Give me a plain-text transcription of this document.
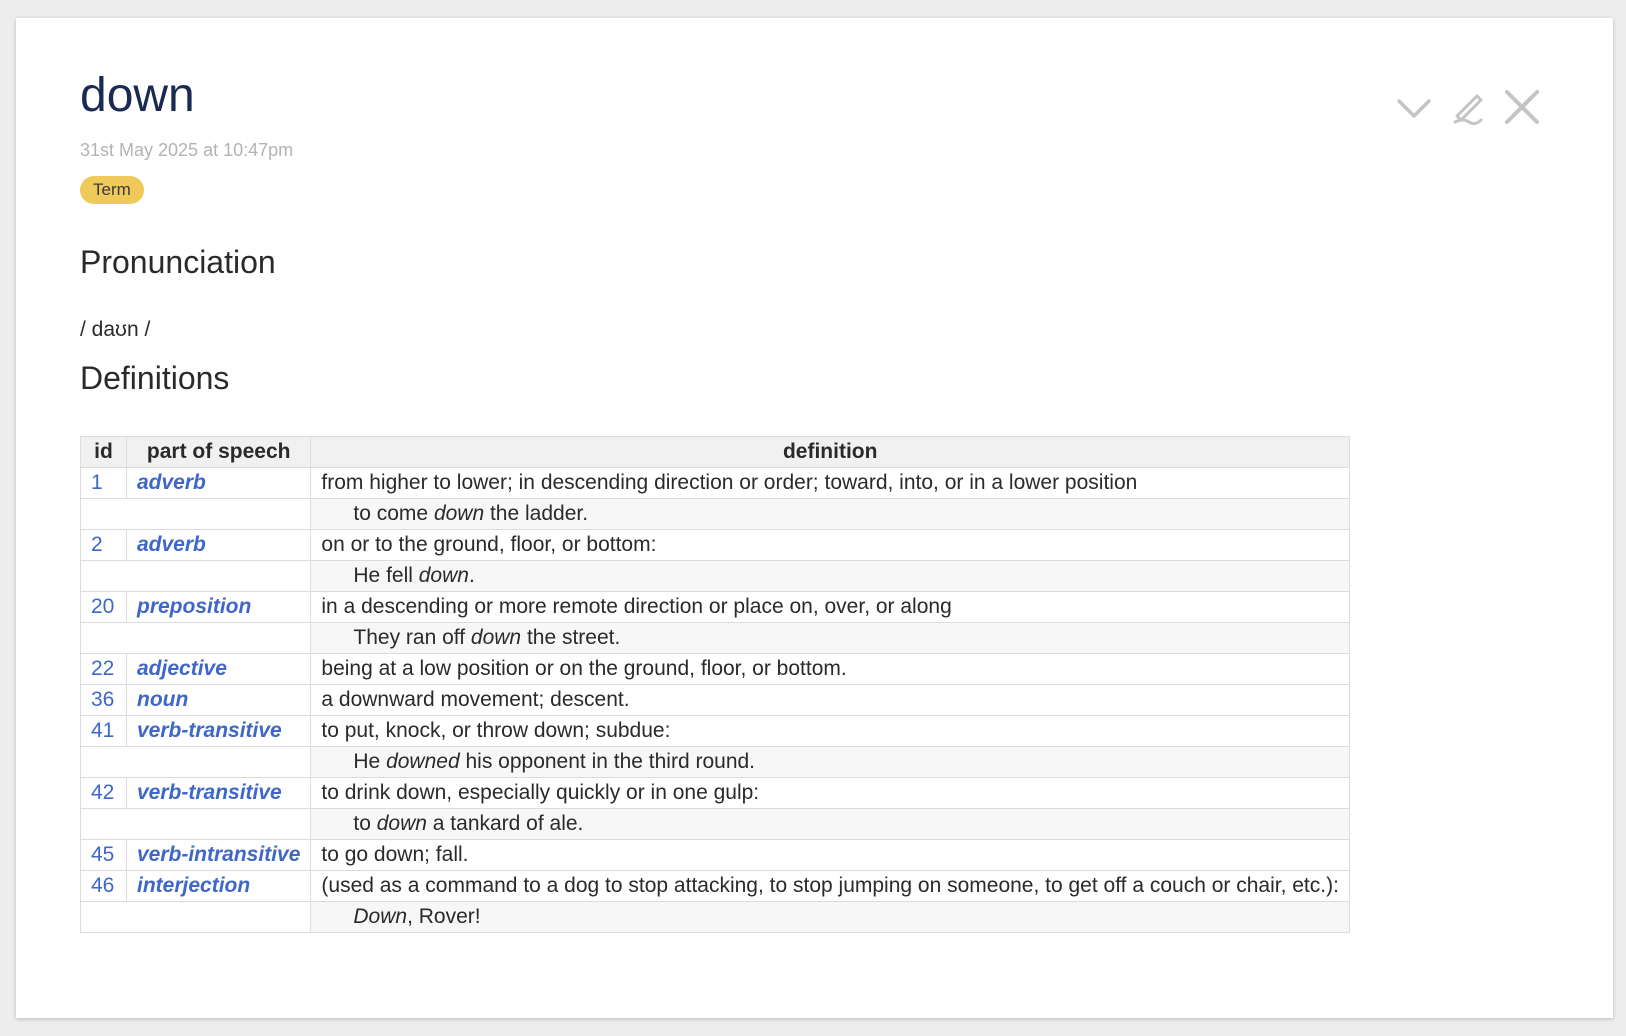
down
31st May 2025 at 10:47pm
Term
Pronunciation
/ daʊn /
Definitions
id	part of speech	definition
1	adverb	from higher to lower; in descending direction or order; toward, into, or in a lower position
		to come down the ladder.
2	adverb	on or to the ground, floor, or bottom:
		He fell down.
20	preposition	in a descending or more remote direction or place on, over, or along
		They ran off down the street.
22	adjective	being at a low position or on the ground, floor, or bottom.
36	noun	a downward movement; descent.
41	verb-transitive	to put, knock, or throw down; subdue:
		He downed his opponent in the third round.
42	verb-transitive	to drink down, especially quickly or in one gulp:
		to down a tankard of ale.
45	verb-intransitive	to go down; fall.
46	interjection	(used as a command to a dog to stop attacking, to stop jumping on someone, to get off a couch or chair, etc.):
		Down, Rover!
